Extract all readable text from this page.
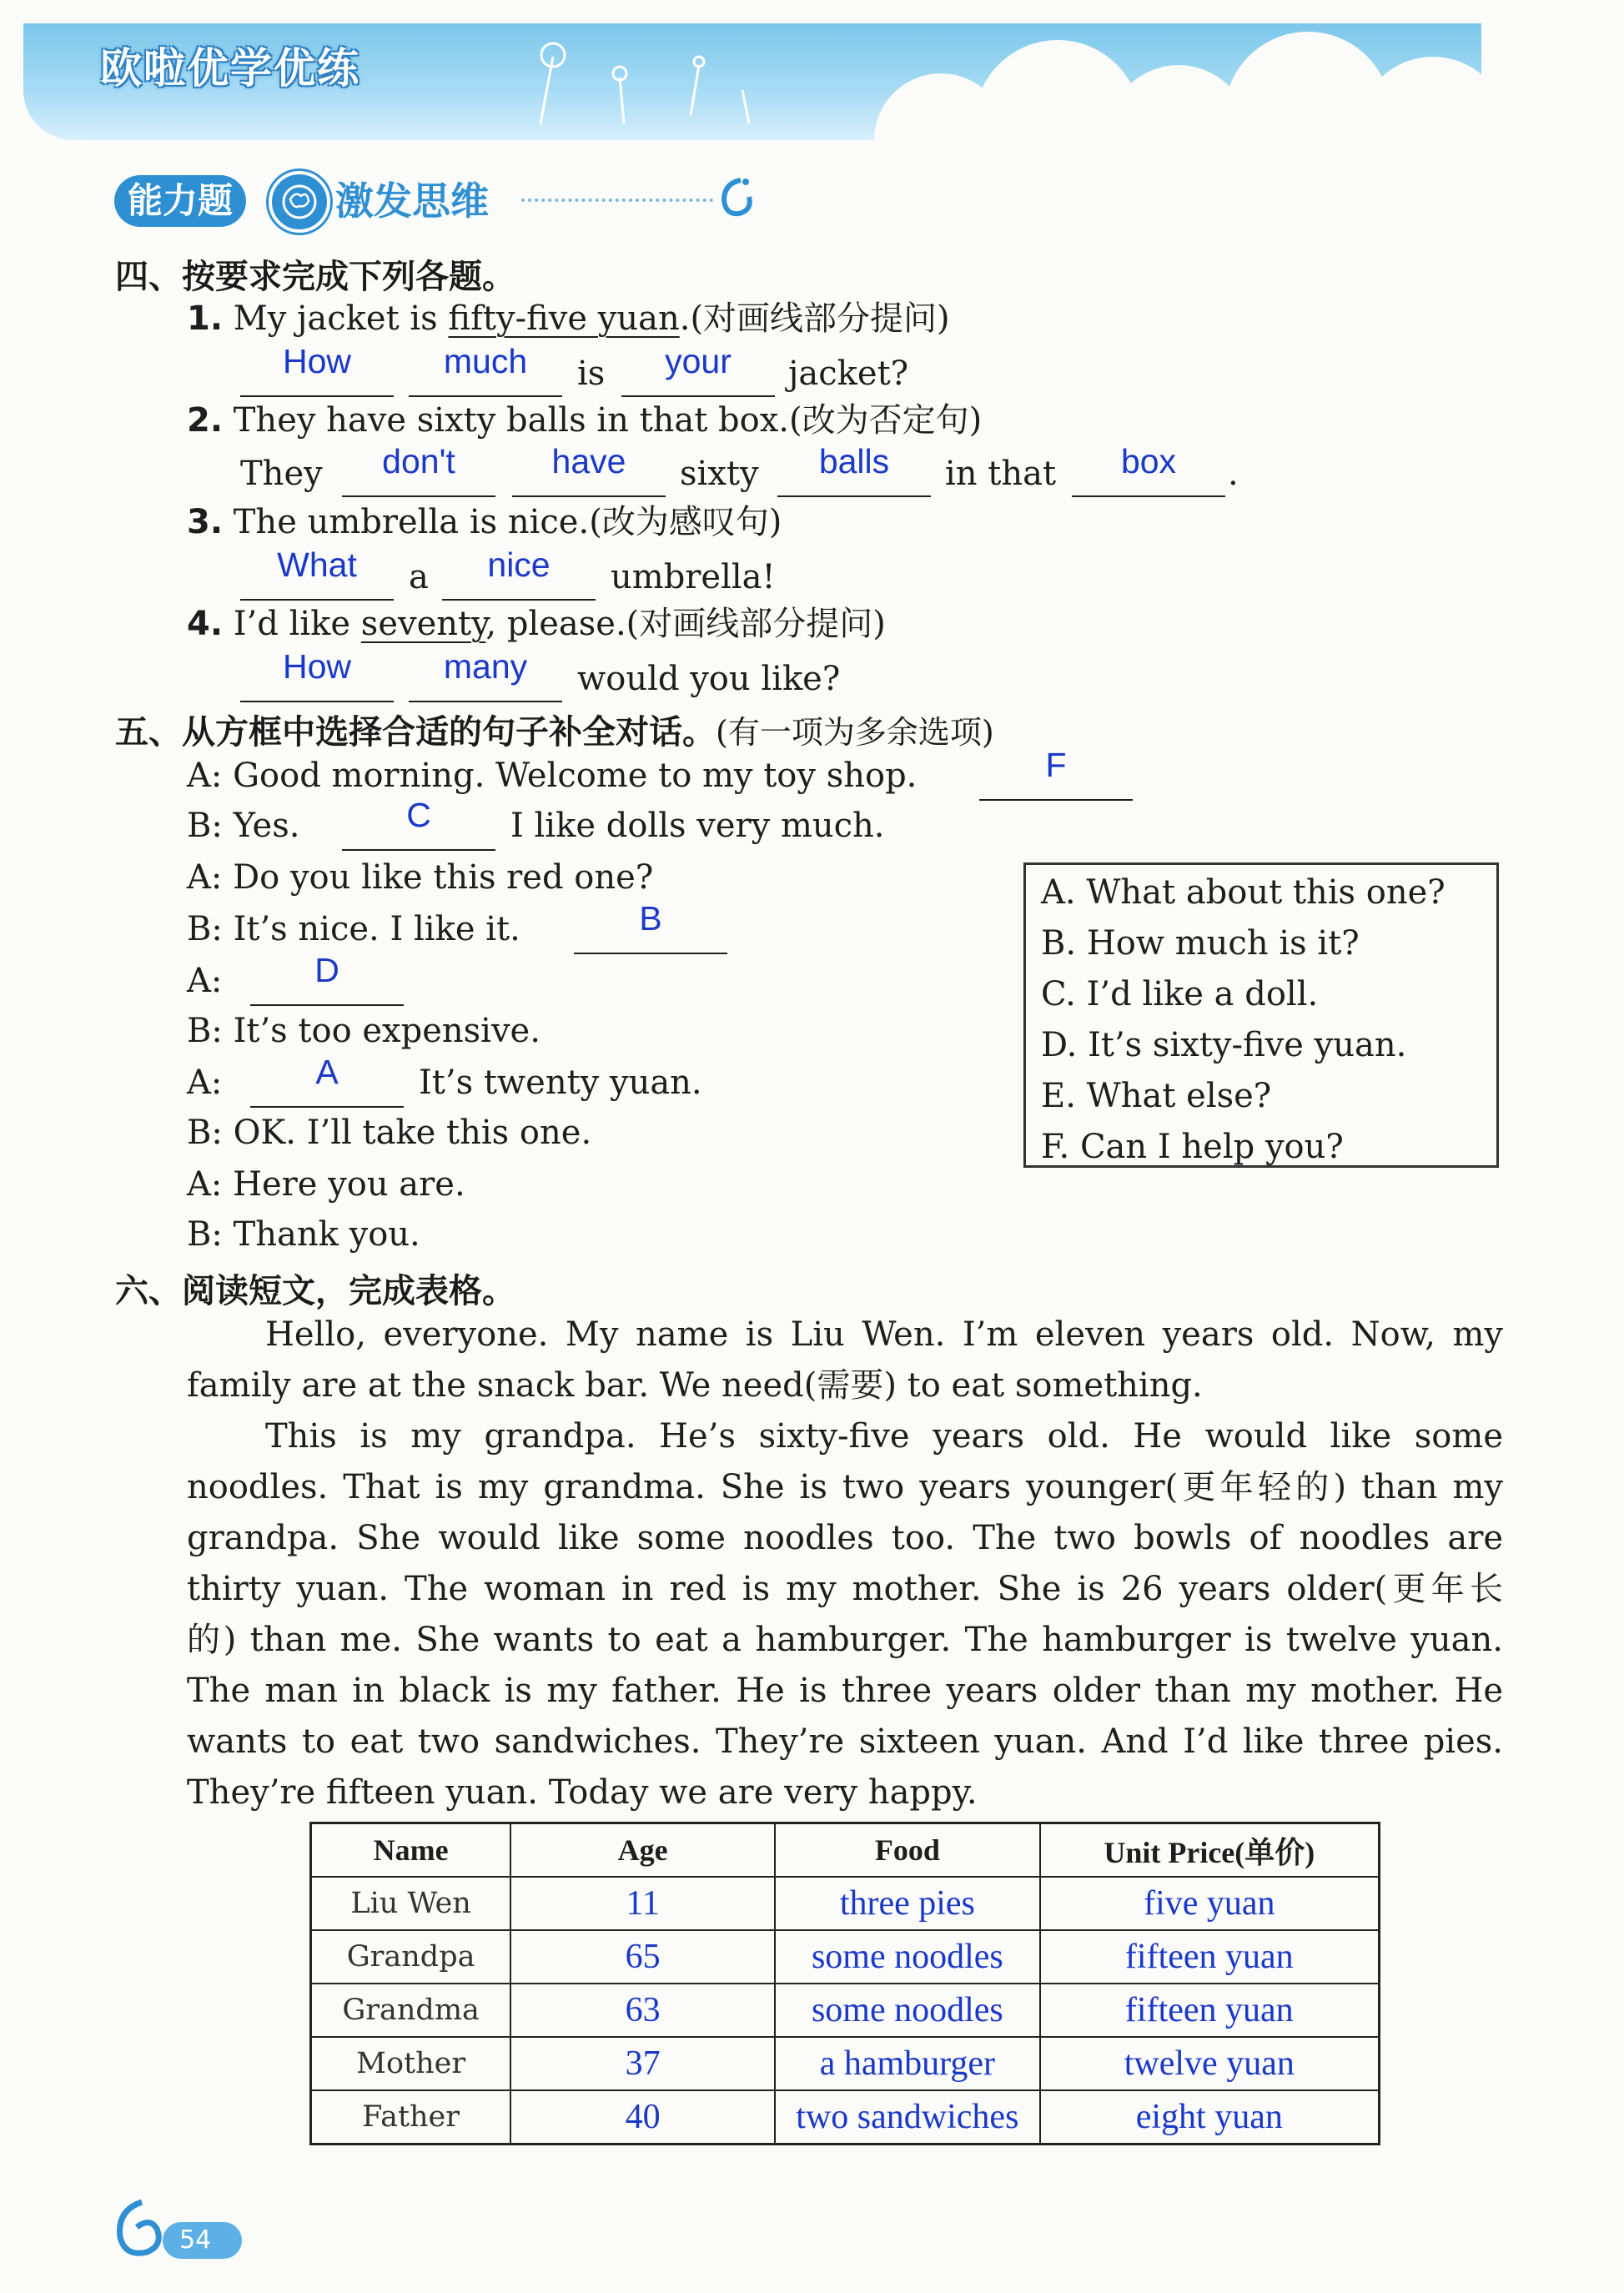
欧啦优学优练
能力题	激发思维
四、按要求完成下列各题。
1. My jacket is fifty-five yuan.(对画线部分提问)
How	much	is	your	jacket?
2. They have sixty balls in that box.(改为否定句)
They	don't	have	sixty	balls	in that	box	.
3. The umbrella is nice.(改为感叹句)
What	a	nice	umbrella!
4. I’d like seventy, please.(对画线部分提问)
How	many	would you like?
五、从方框中选择合适的句子补全对话。(有一项为多余选项)
A: Good morning. Welcome to my toy shop.	F
B: Yes.	C	I like dolls very much.
A: Do you like this red one?
B: It’s nice. I like it.	B
A:	D
B: It’s too expensive.
A:	A	It’s twenty yuan.
B: OK. I’ll take this one.
A: Here you are.
B: Thank you.
A. What about this one?
B. How much is it?
C. I’d like a doll.
D. It’s sixty-five yuan.
E. What else?
F. Can I help you?
六、阅读短文，完成表格。
Hello, everyone. My name is Liu Wen. I’m eleven years old. Now, my
family are at the snack bar. We need(需要) to eat something.
This is my grandpa. He’s sixty-five years old. He would like some
noodles. That is my grandma. She is two years younger(更年轻的) than my
grandpa. She would like some noodles too. The two bowls of noodles are
thirty yuan. The woman in red is my mother. She is 26 years older(更年长
的) than me. She wants to eat a hamburger. The hamburger is twelve yuan.
The man in black is my father. He is three years older than my mother. He
wants to eat two sandwiches. They’re sixteen yuan. And I’d like three pies.
They’re fifteen yuan. Today we are very happy.
Name	Age	Food	Unit Price(单价)
Liu Wen	11	three pies	five yuan
Grandpa	65	some noodles	fifteen yuan
Grandma	63	some noodles	fifteen yuan
Mother	37	a hamburger	twelve yuan
Father	40	two sandwiches	eight yuan
54
